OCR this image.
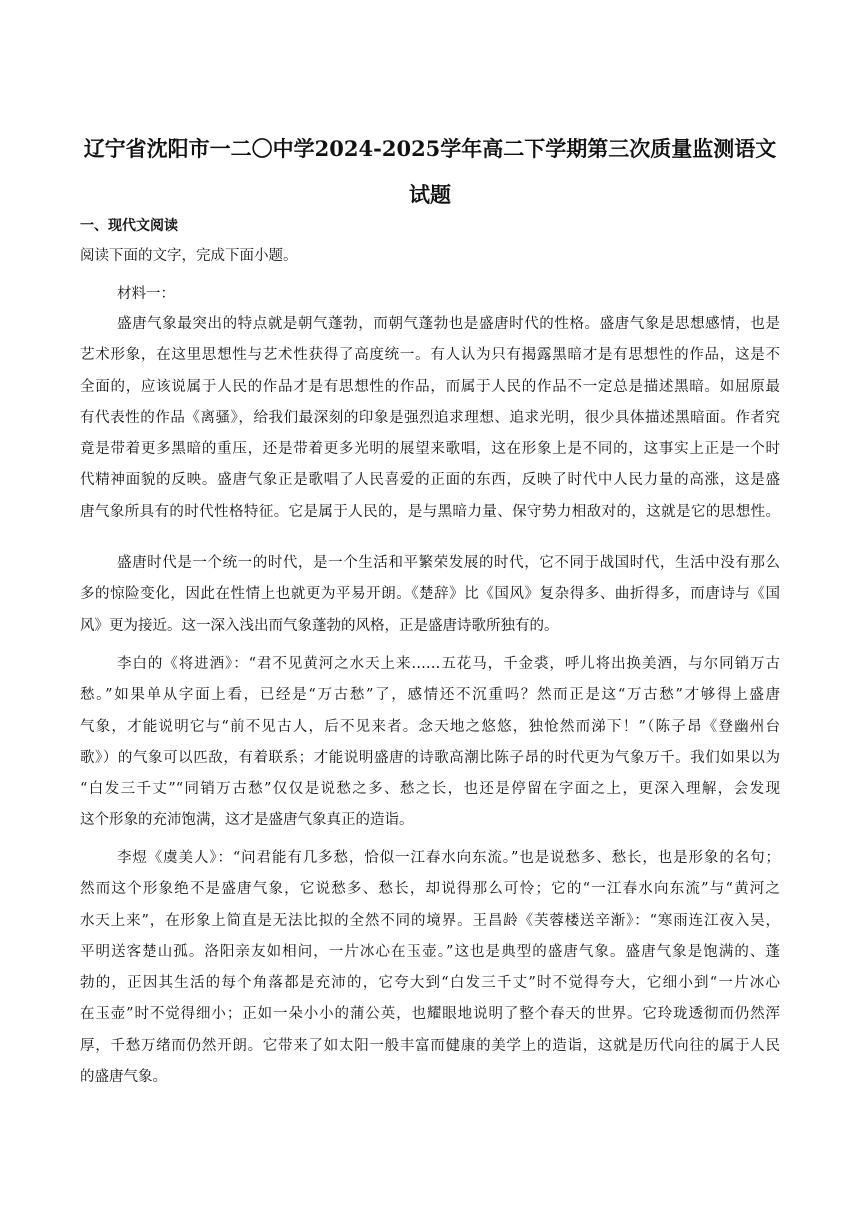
辽宁省沈阳市一二〇中学2024-2025学年高二下学期第三次质量监测语文
试题
一、现代文阅读
阅读下面的文字，完成下面小题。
材料一：
盛唐气象最突出的特点就是朝气蓬勃，而朝气蓬勃也是盛唐时代的性格。盛唐气象是思想感情，也是
艺术形象，在这里思想性与艺术性获得了高度统一。有人认为只有揭露黑暗才是有思想性的作品，这是不
全面的，应该说属于人民的作品才是有思想性的作品，而属于人民的作品不一定总是描述黑暗。如屈原最
有代表性的作品《离骚》，给我们最深刻的印象是强烈追求理想、追求光明，很少具体描述黑暗面。作者究
竟是带着更多黑暗的重压，还是带着更多光明的展望来歌唱，这在形象上是不同的，这事实上正是一个时
代精神面貌的反映。盛唐气象正是歌唱了人民喜爱的正面的东西，反映了时代中人民力量的高涨，这是盛
唐气象所具有的时代性格特征。它是属于人民的，是与黑暗力量、保守势力相敌对的，这就是它的思想性。
盛唐时代是一个统一的时代，是一个生活和平繁荣发展的时代，它不同于战国时代，生活中没有那么
多的惊险变化，因此在性情上也就更为平易开朗。《楚辞》比《国风》复杂得多、曲折得多，而唐诗与《国
风》更为接近。这一深入浅出而气象蓬勃的风格，正是盛唐诗歌所独有的。
李白的《将进酒》：“君不见黄河之水天上来……五花马，千金裘，呼儿将出换美酒，与尔同销万古
愁。”如果单从字面上看，已经是“万古愁”了，感情还不沉重吗？然而正是这“万古愁”才够得上盛唐
气象，才能说明它与“前不见古人，后不见来者。念天地之悠悠，独怆然而涕下！”（陈子昂《登幽州台
歌》）的气象可以匹敌，有着联系；才能说明盛唐的诗歌高潮比陈子昂的时代更为气象万千。我们如果以为
“白发三千丈”“同销万古愁”仅仅是说愁之多、愁之长，也还是停留在字面之上，更深入理解，会发现
这个形象的充沛饱满，这才是盛唐气象真正的造诣。
李煜《虞美人》：“问君能有几多愁，恰似一江春水向东流。”也是说愁多、愁长，也是形象的名句；
然而这个形象绝不是盛唐气象，它说愁多、愁长，却说得那么可怜；它的“一江春水向东流”与“黄河之
水天上来”，在形象上简直是无法比拟的全然不同的境界。王昌龄《芙蓉楼送辛渐》：“寒雨连江夜入吴，
平明送客楚山孤。洛阳亲友如相问，一片冰心在玉壶。”这也是典型的盛唐气象。盛唐气象是饱满的、蓬
勃的，正因其生活的每个角落都是充沛的，它夸大到“白发三千丈”时不觉得夸大，它细小到“一片冰心
在玉壶”时不觉得细小；正如一朵小小的蒲公英，也耀眼地说明了整个春天的世界。它玲珑透彻而仍然浑
厚，千愁万绪而仍然开朗。它带来了如太阳一般丰富而健康的美学上的造诣，这就是历代向往的属于人民
的盛唐气象。
